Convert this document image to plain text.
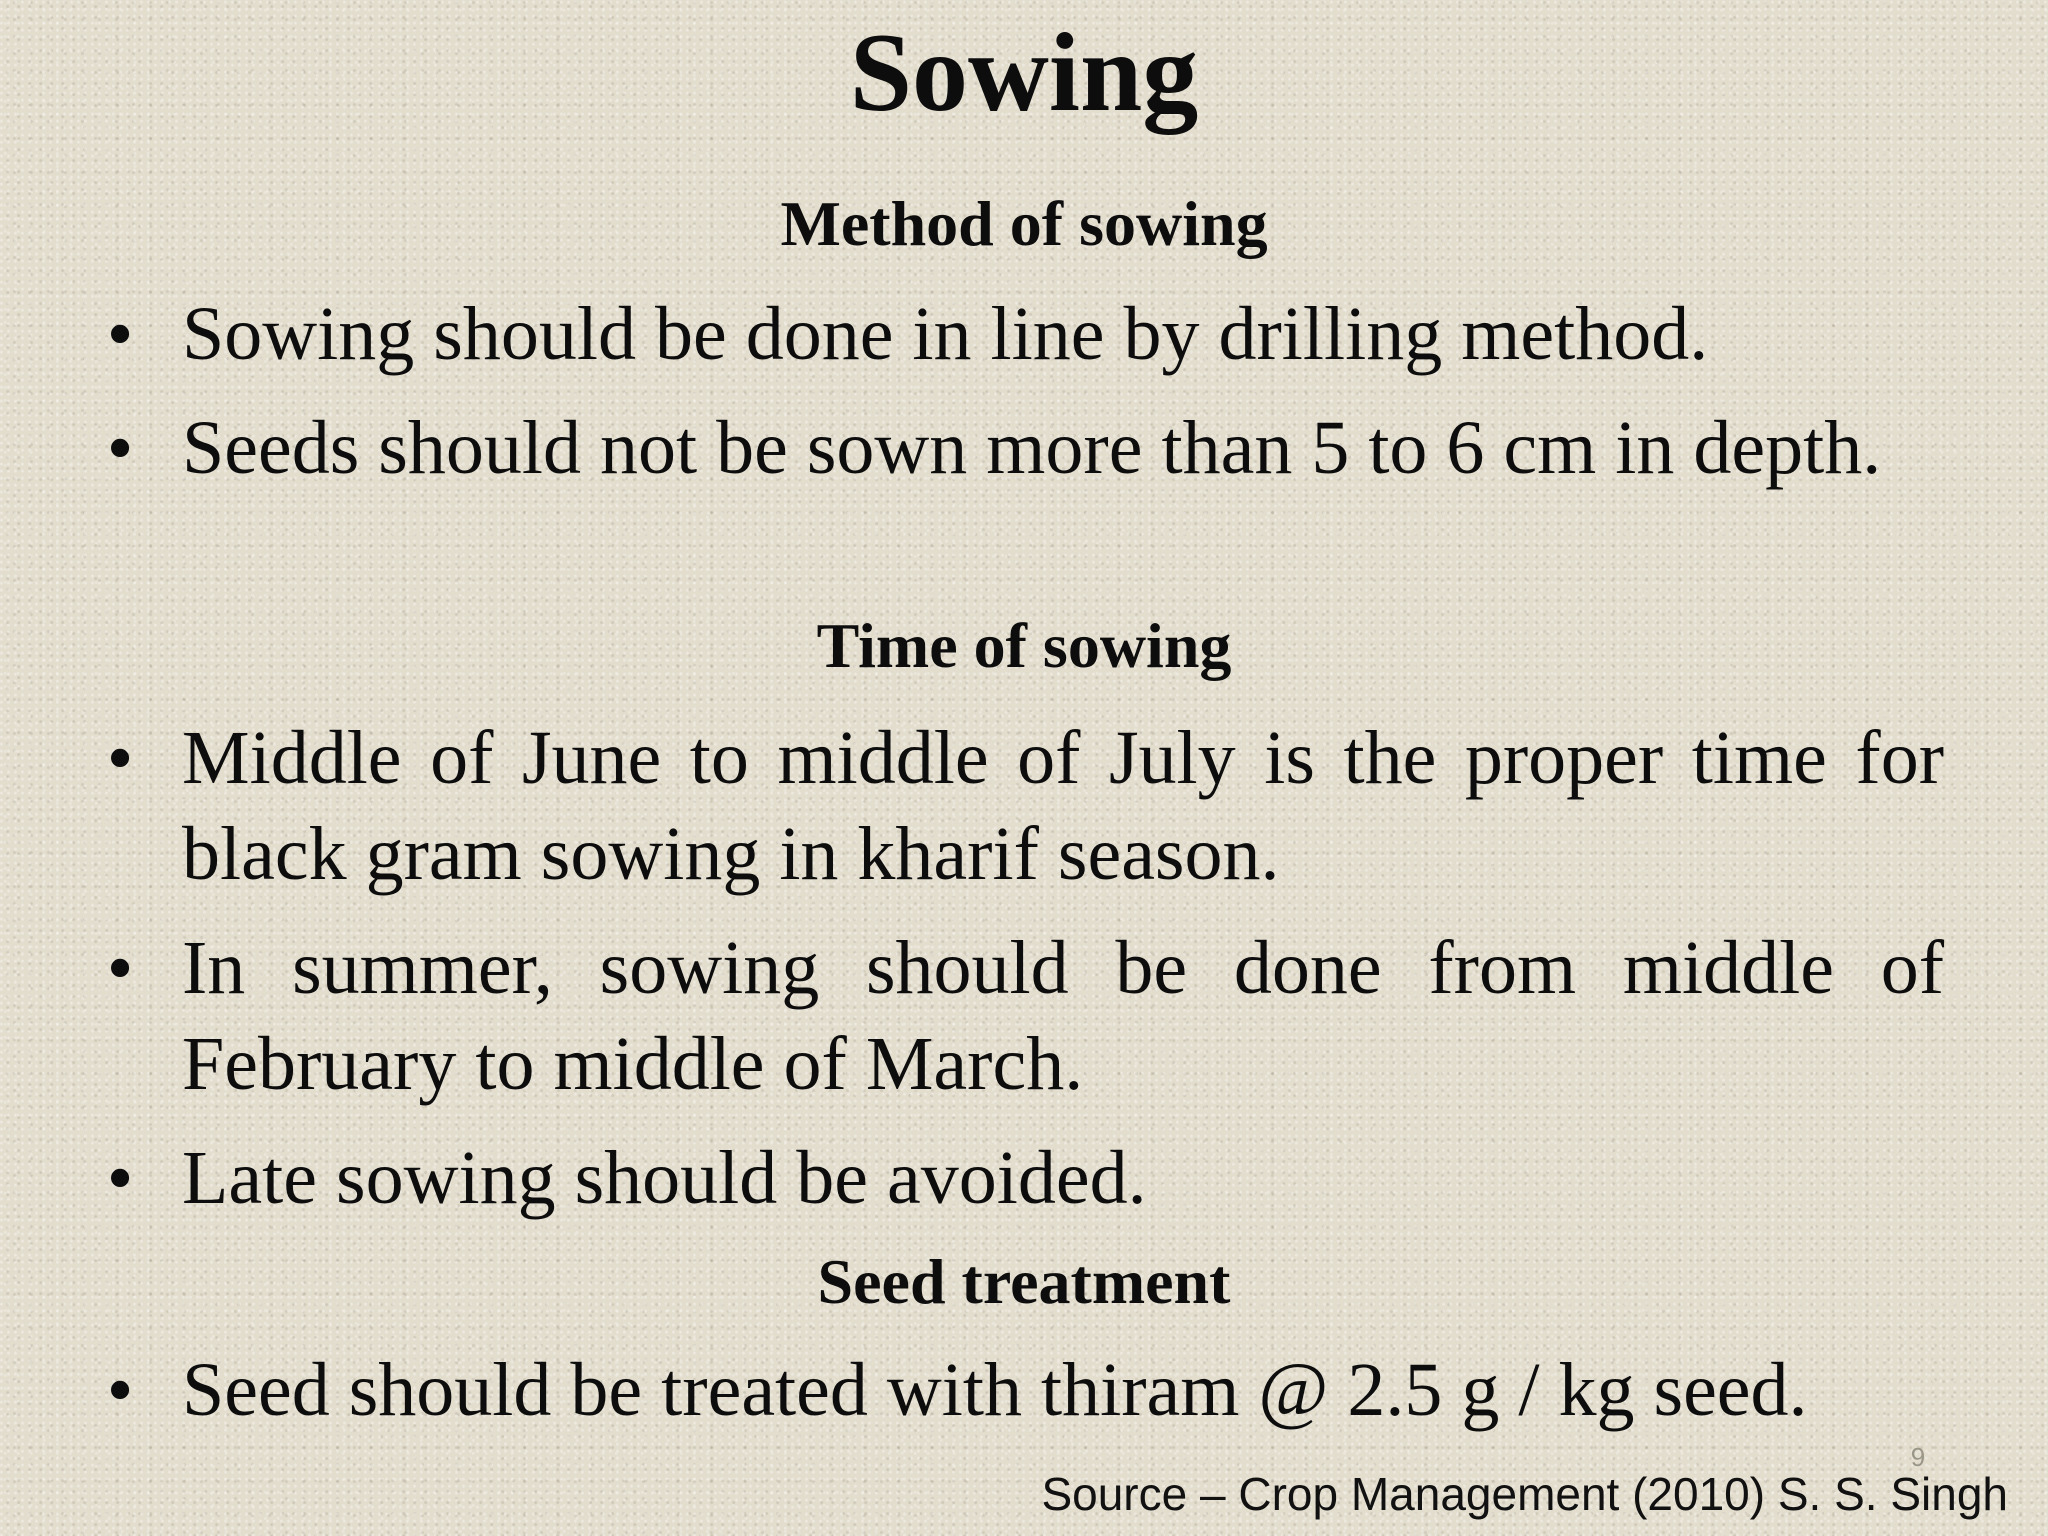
Sowing
Method of sowing
• Sowing should be done in line by drilling method.
• Seeds should not be sown more than 5 to 6 cm in depth.
Time of sowing
• Middle of June to middle of July is the proper time for black gram sowing in kharif season.
• In summer, sowing should be done from middle of February to middle of March.
• Late sowing should be avoided.
Seed treatment
• Seed should be treated with thiram @ 2.5 g / kg seed.
9
Source – Crop Management (2010) S. S. Singh
